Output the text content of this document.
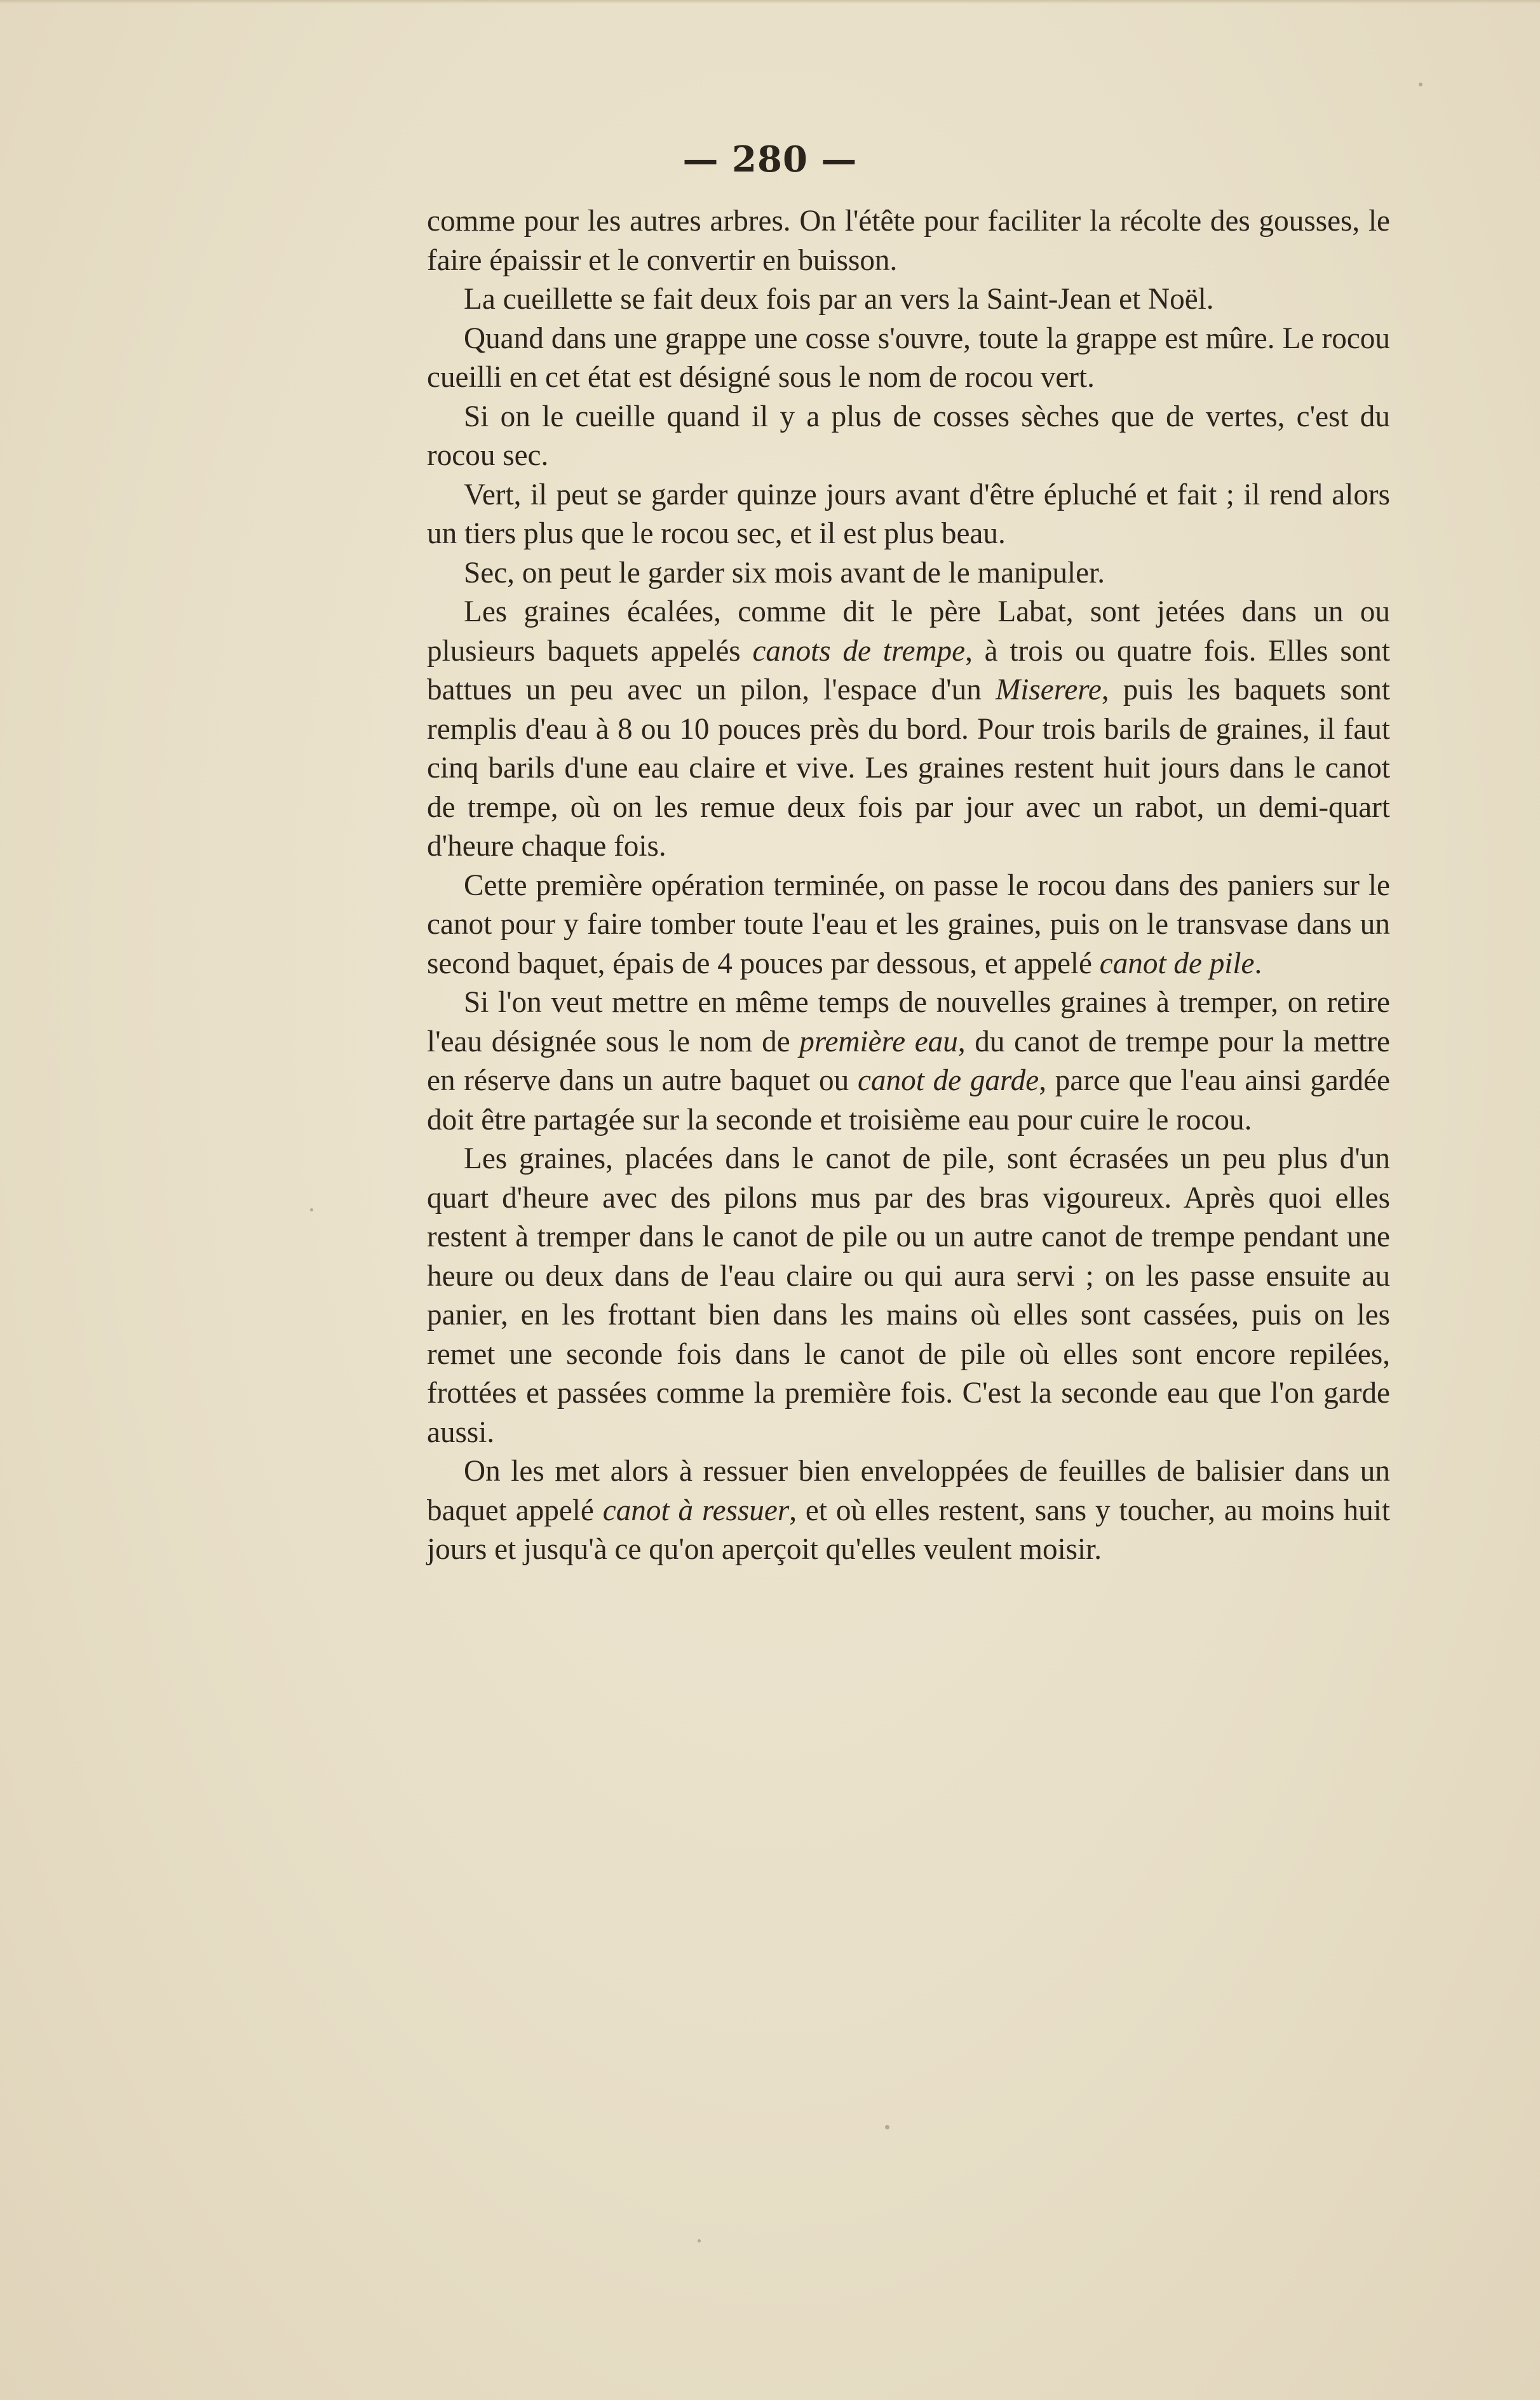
— 280 —

comme pour les autres arbres. On l'étête pour faciliter la récolte des gousses, le faire épaissir et le convertir en buisson.

La cueillette se fait deux fois par an vers la Saint-Jean et Noël.

Quand dans une grappe une cosse s'ouvre, toute la grappe est mûre. Le rocou cueilli en cet état est désigné sous le nom de rocou vert.

Si on le cueille quand il y a plus de cosses sèches que de vertes, c'est du rocou sec.

Vert, il peut se garder quinze jours avant d'être épluché et fait ; il rend alors un tiers plus que le rocou sec, et il est plus beau.

Sec, on peut le garder six mois avant de le manipuler.

Les graines écalées, comme dit le père Labat, sont jetées dans un ou plusieurs baquets appelés canots de trempe, à trois ou quatre fois. Elles sont battues un peu avec un pilon, l'espace d'un Miserere, puis les baquets sont remplis d'eau à 8 ou 10 pouces près du bord. Pour trois barils de graines, il faut cinq barils d'une eau claire et vive. Les graines restent huit jours dans le canot de trempe, où on les remue deux fois par jour avec un rabot, un demi-quart d'heure chaque fois.

Cette première opération terminée, on passe le rocou dans des paniers sur le canot pour y faire tomber toute l'eau et les graines, puis on le transvase dans un second baquet, épais de 4 pouces par dessous, et appelé canot de pile.

Si l'on veut mettre en même temps de nouvelles graines à tremper, on retire l'eau désignée sous le nom de première eau, du canot de trempe pour la mettre en réserve dans un autre baquet ou canot de garde, parce que l'eau ainsi gardée doit être partagée sur la seconde et troisième eau pour cuire le rocou.

Les graines, placées dans le canot de pile, sont écrasées un peu plus d'un quart d'heure avec des pilons mus par des bras vigoureux. Après quoi elles restent à tremper dans le canot de pile ou un autre canot de trempe pendant une heure ou deux dans de l'eau claire ou qui aura servi ; on les passe ensuite au panier, en les frottant bien dans les mains où elles sont cassées, puis on les remet une seconde fois dans le canot de pile où elles sont encore repilées, frottées et passées comme la première fois. C'est la seconde eau que l'on garde aussi.

On les met alors à ressuer bien enveloppées de feuilles de balisier dans un baquet appelé canot à ressuer, et où elles restent, sans y toucher, au moins huit jours et jusqu'à ce qu'on aperçoit qu'elles veulent moisir.
